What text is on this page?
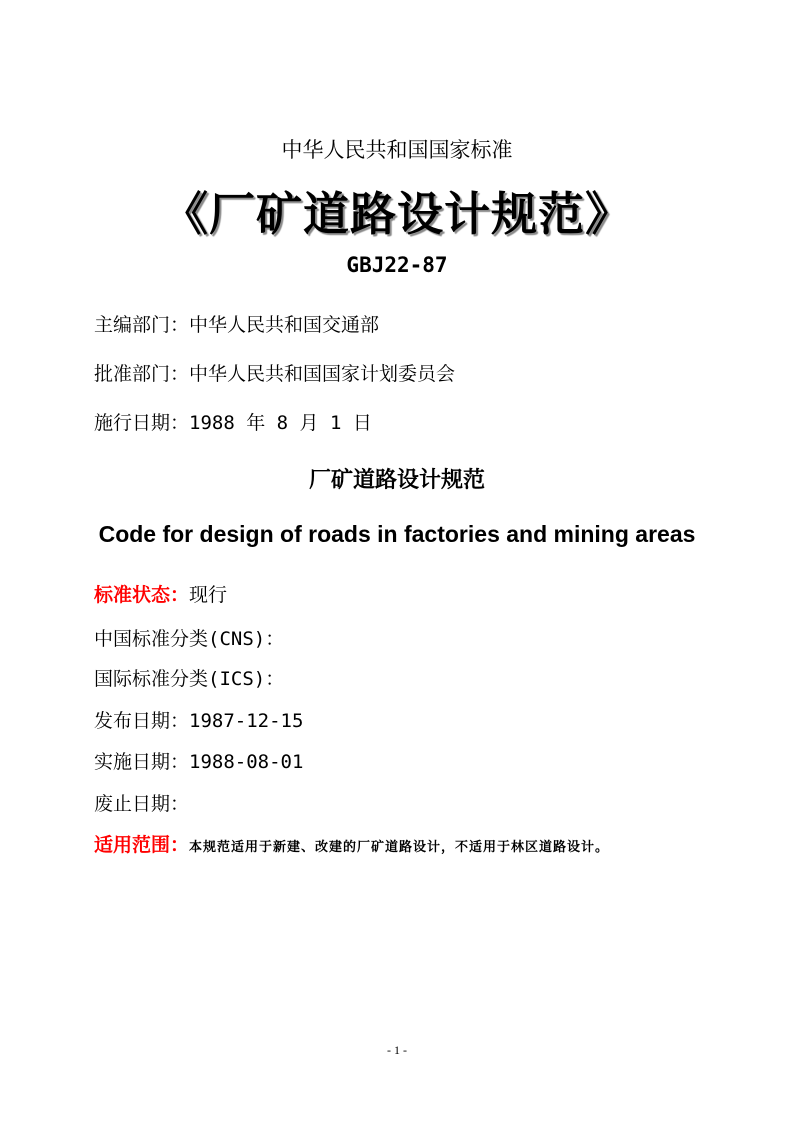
中华人民共和国国家标准
《厂矿道路设计规范》
GBJ22-87
主编部门：中华人民共和国交通部
批准部门：中华人民共和国国家计划委员会
施行日期：1988 年 8 月 1 日
厂矿道路设计规范
Code for design of roads in factories and mining areas
标准状态：现行
中国标准分类(CNS)：
国际标准分类(ICS)：
发布日期：1987-12-15
实施日期：1988-08-01
废止日期：
适用范围：本规范适用于新建、改建的厂矿道路设计，不适用于林区道路设计。
- 1 -
